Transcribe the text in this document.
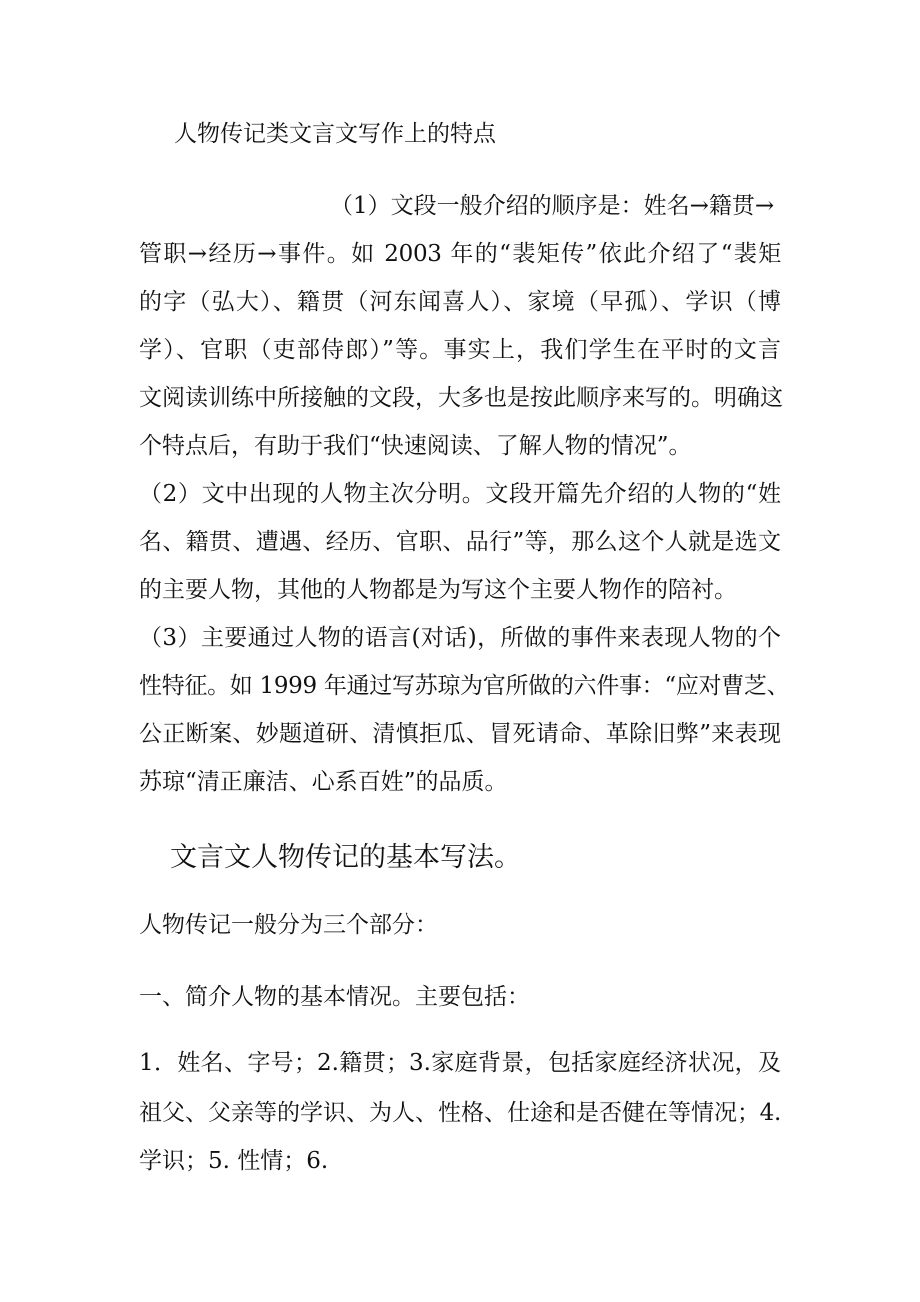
人物传记类文言文写作上的特点
（1）文段一般介绍的顺序是：姓名→籍贯→
管职→经历→事件。如 2003 年的“裴矩传”依此介绍了“裴矩
的字（弘大）、籍贯（河东闻喜人）、家境（早孤）、学识（博
学）、官职（吏部侍郎）”等。事实上，我们学生在平时的文言
文阅读训练中所接触的文段，大多也是按此顺序来写的。明确这
个特点后，有助于我们“快速阅读、了解人物的情况”。
（2）文中出现的人物主次分明。文段开篇先介绍的人物的“姓
名、籍贯、遭遇、经历、官职、品行”等，那么这个人就是选文
的主要人物，其他的人物都是为写这个主要人物作的陪衬。
（3）主要通过人物的语言(对话)，所做的事件来表现人物的个
性特征。如 1999 年通过写苏琼为官所做的六件事：“应对曹芝、
公正断案、妙题道研、清慎拒瓜、冒死请命、革除旧弊”来表现
苏琼“清正廉洁、心系百姓”的品质。
文言文人物传记的基本写法。
人物传记一般分为三个部分：
一、简介人物的基本情况。主要包括：
1．姓名、字号；2.籍贯；3.家庭背景，包括家庭经济状况，及
祖父、父亲等的学识、为人、性格、仕途和是否健在等情况；4.
学识；5. 性情；6.
